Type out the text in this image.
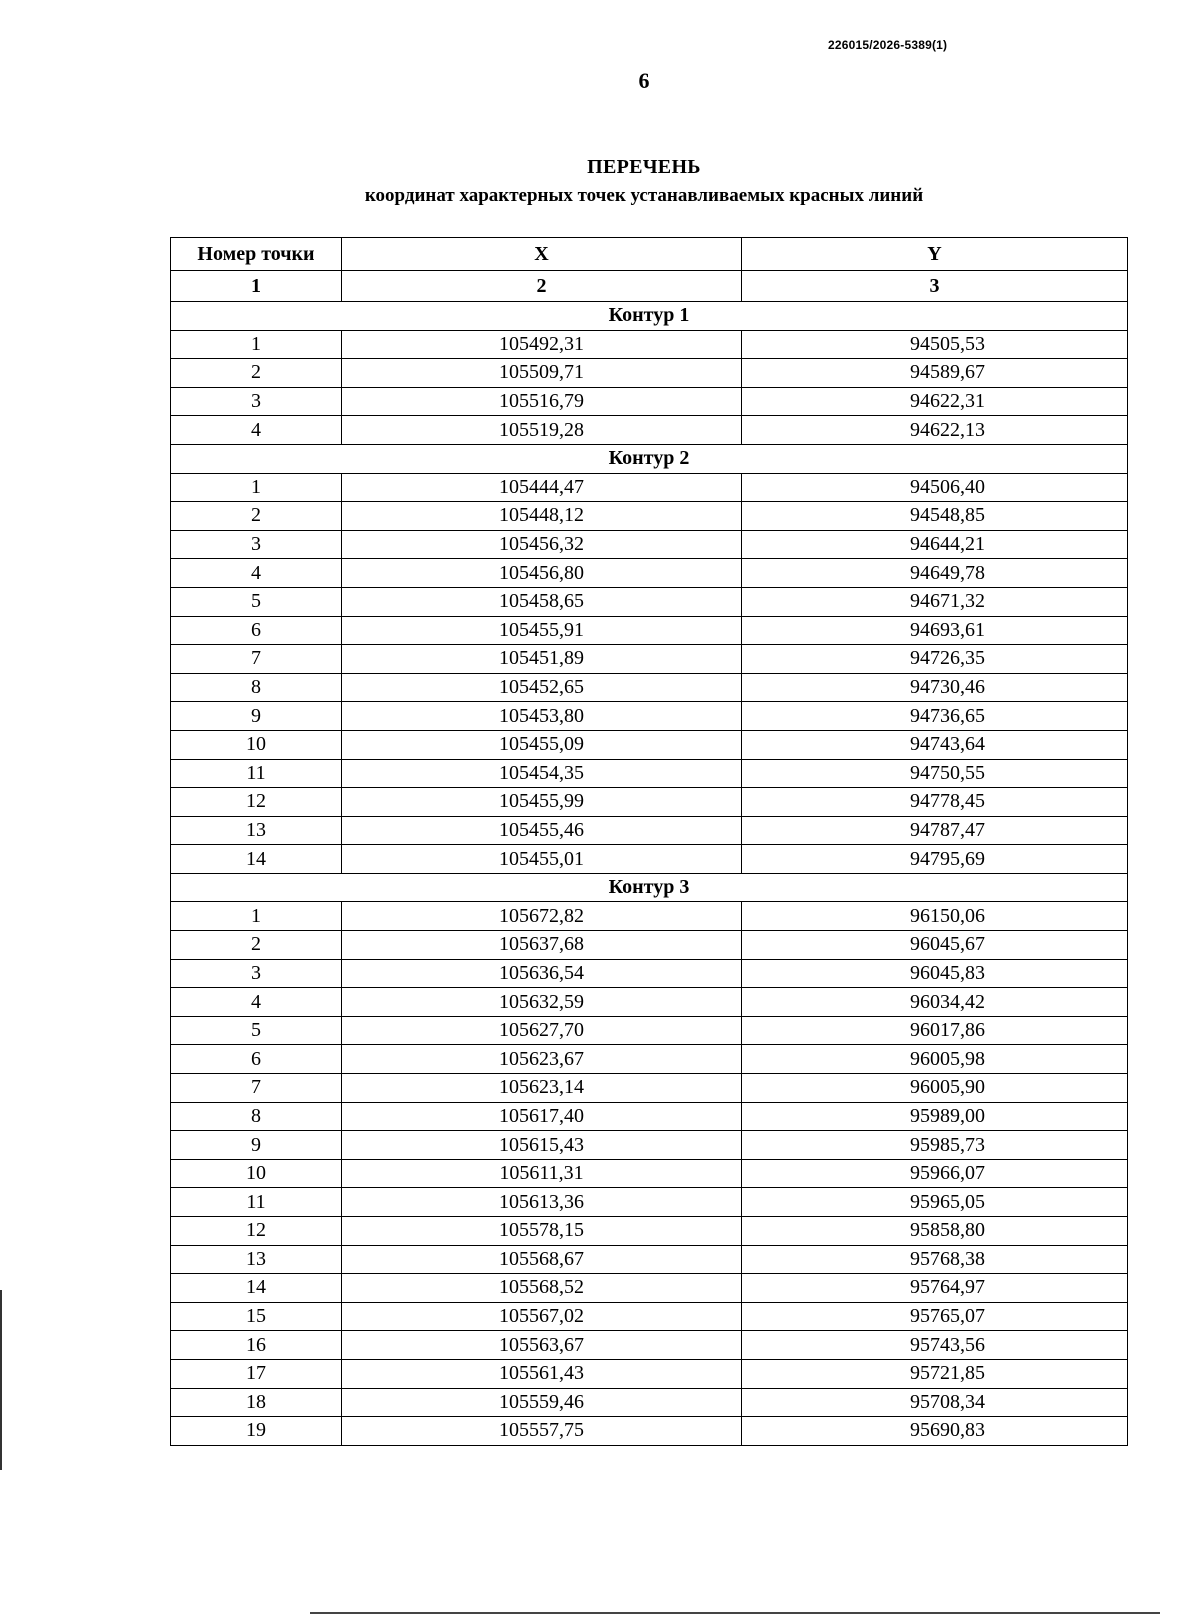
226015/2026-5389(1)
6
ПЕРЕЧЕНЬ
координат характерных точек устанавливаемых красных линий
Номер точки	X	Y
1	2	3
Контур 1		
1	105492,31	94505,53
2	105509,71	94589,67
3	105516,79	94622,31
4	105519,28	94622,13
Контур 2		
1	105444,47	94506,40
2	105448,12	94548,85
3	105456,32	94644,21
4	105456,80	94649,78
5	105458,65	94671,32
6	105455,91	94693,61
7	105451,89	94726,35
8	105452,65	94730,46
9	105453,80	94736,65
10	105455,09	94743,64
11	105454,35	94750,55
12	105455,99	94778,45
13	105455,46	94787,47
14	105455,01	94795,69
Контур 3		
1	105672,82	96150,06
2	105637,68	96045,67
3	105636,54	96045,83
4	105632,59	96034,42
5	105627,70	96017,86
6	105623,67	96005,98
7	105623,14	96005,90
8	105617,40	95989,00
9	105615,43	95985,73
10	105611,31	95966,07
11	105613,36	95965,05
12	105578,15	95858,80
13	105568,67	95768,38
14	105568,52	95764,97
15	105567,02	95765,07
16	105563,67	95743,56
17	105561,43	95721,85
18	105559,46	95708,34
19	105557,75	95690,83
